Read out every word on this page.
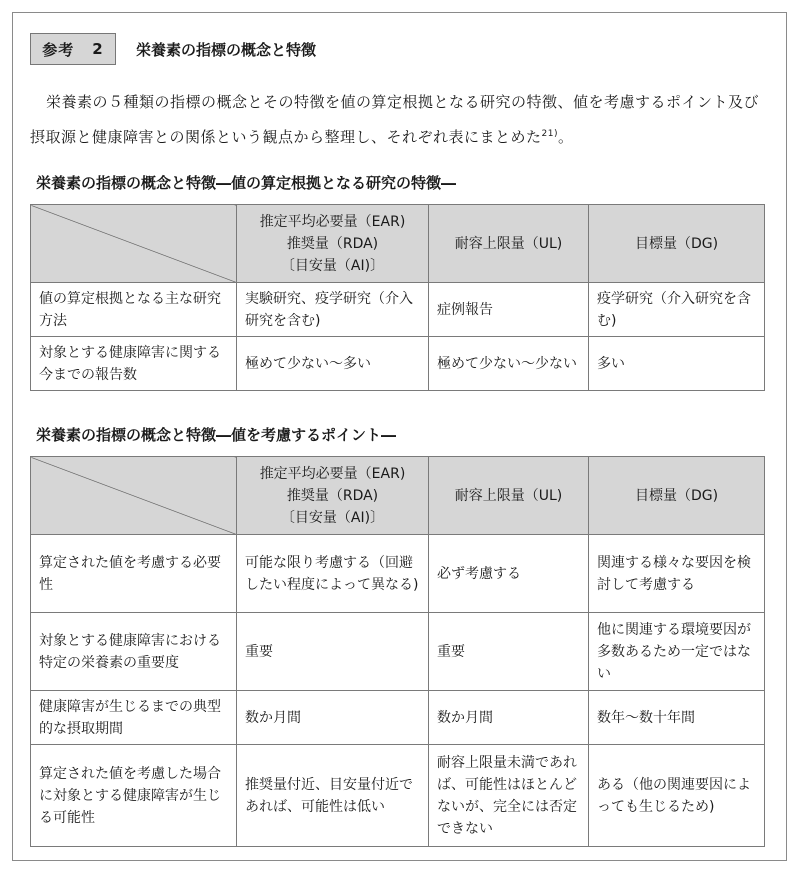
参考 2 栄養素の指標の概念と特徴

栄養素の５種類の指標の概念とその特徴を値の算定根拠となる研究の特徴、値を考慮するポイント及び摂取源と健康障害との関係という観点から整理し、それぞれ表にまとめた$^{21)}$。

栄養素の指標の概念と特徴―値の算定根拠となる研究の特徴―

	推定平均必要量（EAR)
推奨量（RDA)
〔目安量（AI)〕	耐容上限量（UL)	目標量（DG)
値の算定根拠となる主な研究方法	実験研究、疫学研究（介入研究を含む)	症例報告	疫学研究（介入研究を含む)
対象とする健康障害に関する今までの報告数	極めて少ない〜多い	極めて少ない〜少ない	多い
栄養素の指標の概念と特徴―値を考慮するポイント―

	推定平均必要量（EAR)
推奨量（RDA)
〔目安量（AI)〕	耐容上限量（UL)	目標量（DG)
算定された値を考慮する必要性	可能な限り考慮する（回避したい程度によって異なる)	必ず考慮する	関連する様々な要因を検討して考慮する
対象とする健康障害における特定の栄養素の重要度	重要	重要	他に関連する環境要因が多数あるため一定ではない
健康障害が生じるまでの典型的な摂取期間	数か月間	数か月間	数年〜数十年間
算定された値を考慮した場合に対象とする健康障害が生じる可能性	推奨量付近、目安量付近であれば、可能性は低い	耐容上限量未満であれば、可能性はほとんどないが、完全には否定できない	ある（他の関連要因によっても生じるため)
